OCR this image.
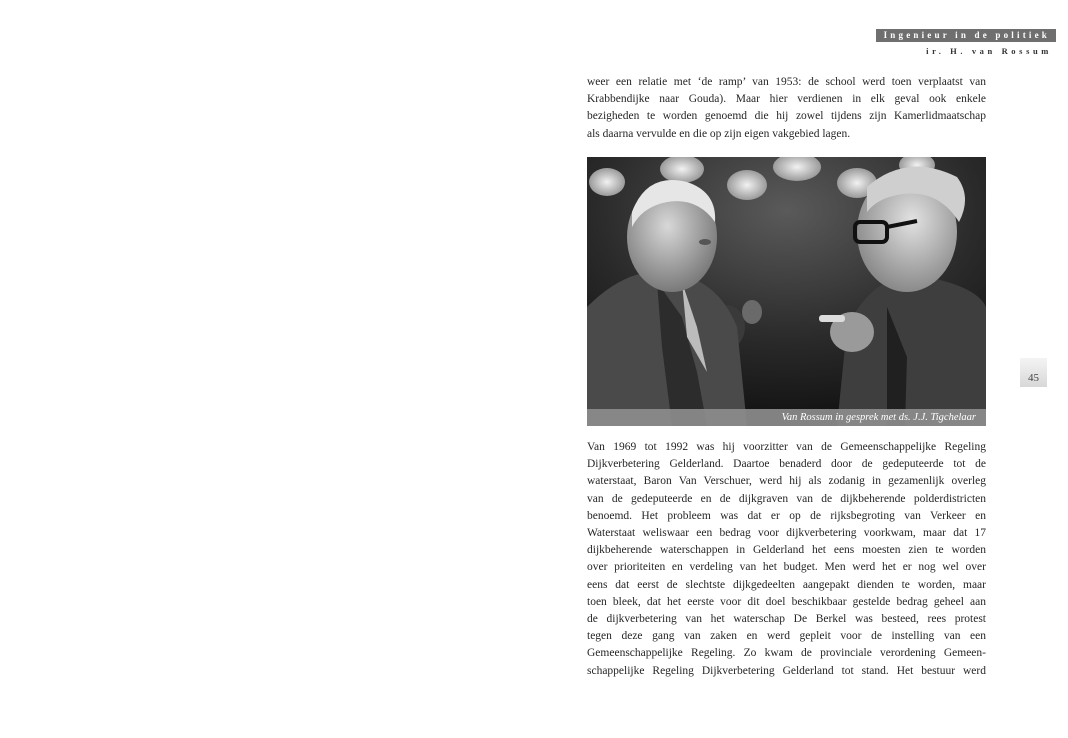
Ingenieur in de politiek
ir. H. van Rossum
weer een relatie met ‘de ramp’ van 1953: de school werd toen verplaatst van
Krabbendijke naar Gouda). Maar hier verdienen in elk geval ook enkele
bezigheden te worden genoemd die hij zowel tijdens zijn Kamerlidmaatschap
als daarna vervulde en die op zijn eigen vakgebied lagen.
Van Rossum in gesprek met ds. J.J. Tigchelaar
Van 1969 tot 1992 was hij voorzitter van de Gemeenschappelijke Regeling
Dijkverbetering Gelderland. Daartoe benaderd door de gedeputeerde tot de
waterstaat, Baron Van Verschuer, werd hij als zodanig in gezamenlijk overleg
van de gedeputeerde en de dijkgraven van de dijkbeherende polderdistricten
benoemd. Het probleem was dat er op de rijksbegroting van Verkeer en
Waterstaat weliswaar een bedrag voor dijkverbetering voorkwam, maar dat 17
dijkbeherende waterschappen in Gelderland het eens moesten zien te worden
over prioriteiten en verdeling van het budget. Men werd het er nog wel over
eens dat eerst de slechtste dijkgedeelten aangepakt dienden te worden, maar
toen bleek, dat het eerste voor dit doel beschikbaar gestelde bedrag geheel aan
de dijkverbetering van het waterschap De Berkel was besteed, rees protest
tegen deze gang van zaken en werd gepleit voor de instelling van een
Gemeenschappelijke Regeling. Zo kwam de provinciale verordening Gemeen-
schappelijke Regeling Dijkverbetering Gelderland tot stand. Het bestuur werd
45
